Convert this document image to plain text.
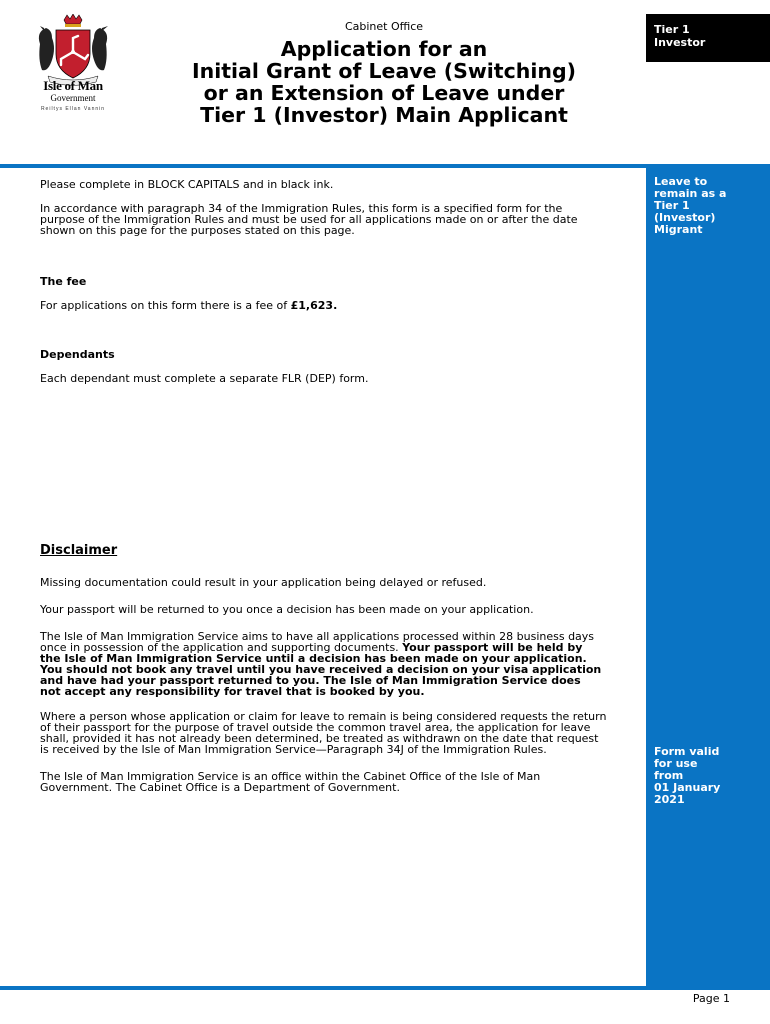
Isle of Man
Government
Reiltys Ellan Vannin
Cabinet Office
Application for an
Initial Grant of Leave (Switching)
or an Extension of Leave under
Tier 1 (Investor) Main Applicant
Tier 1
Investor
Leave to
remain as a
Tier 1
(Investor)
Migrant
Form valid
for use
from
01 January
2021
Please complete in BLOCK CAPITALS and in black ink.
In accordance with paragraph 34 of the Immigration Rules, this form is a specified form for the
purpose of the Immigration Rules and must be used for all applications made on or after the date
shown on this page for the purposes stated on this page.
The fee
For applications on this form there is a fee of £1,623.
Dependants
Each dependant must complete a separate FLR (DEP) form.
Disclaimer
Missing documentation could result in your application being delayed or refused.
Your passport will be returned to you once a decision has been made on your application.
The Isle of Man Immigration Service aims to have all applications processed within 28 business days
once in possession of the application and supporting documents. Your passport will be held by
the Isle of Man Immigration Service until a decision has been made on your application.
You should not book any travel until you have received a decision on your visa application
and have had your passport returned to you. The Isle of Man Immigration Service does
not accept any responsibility for travel that is booked by you.
Where a person whose application or claim for leave to remain is being considered requests the return
of their passport for the purpose of travel outside the common travel area, the application for leave
shall, provided it has not already been determined, be treated as withdrawn on the date that request
is received by the Isle of Man Immigration Service—Paragraph 34J of the Immigration Rules.
The Isle of Man Immigration Service is an office within the Cabinet Office of the Isle of Man
Government. The Cabinet Office is a Department of Government.
Page 1
